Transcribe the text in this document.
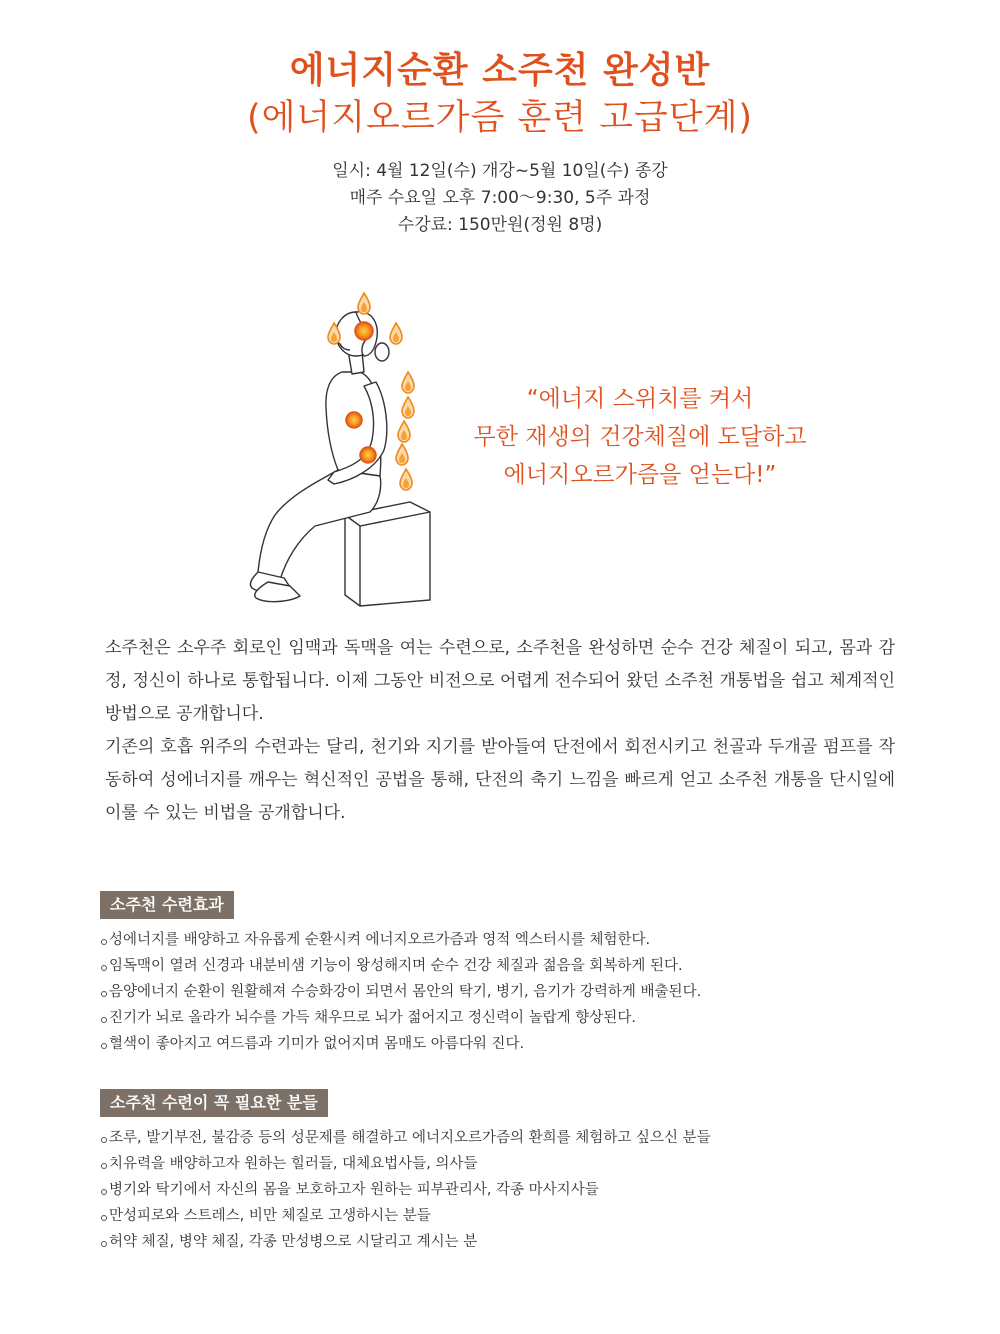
에너지순환 소주천 완성반
(에너지오르가즘 훈련 고급단계)
일시: 4월 12일(수) 개강~5월 10일(수) 종강
매주 수요일 오후 7:00～9:30, 5주 과정
수강료: 150만원(정원 8명)
“에너지 스위치를 켜서
무한 재생의 건강체질에 도달하고
에너지오르가즘을 얻는다!”

소주천은 소우주 회로인 임맥과 독맥을 여는 수련으로, 소주천을 완성하면 순수 건강 체질이 되고, 몸과 감정, 정신이 하나로 통합됩니다. 이제 그동안 비전으로 어렵게 전수되어 왔던 소주천 개통법을 쉽고 체계적인 방법으로 공개합니다.

기존의 호흡 위주의 수련과는 달리, 천기와 지기를 받아들여 단전에서 회전시키고 천골과 두개골 펌프를 작동하여 성에너지를 깨우는 혁신적인 공법을 통해, 단전의 축기 느낌을 빠르게 얻고 소주천 개통을 단시일에 이룰 수 있는 비법을 공개합니다.

소주천 수련효과
성에너지를 배양하고 자유롭게 순환시켜 에너지오르가즘과 영적 엑스터시를 체험한다.
임독맥이 열려 신경과 내분비샘 기능이 왕성해지며 순수 건강 체질과 젊음을 회복하게 된다.
음양에너지 순환이 원활해져 수승화강이 되면서 몸안의 탁기, 병기, 음기가 강력하게 배출된다.
진기가 뇌로 올라가 뇌수를 가득 채우므로 뇌가 젊어지고 정신력이 놀랍게 향상된다.
혈색이 좋아지고 여드름과 기미가 없어지며 몸매도 아름다워 진다.
소주천 수련이 꼭 필요한 분들
조루, 발기부전, 불감증 등의 성문제를 해결하고 에너지오르가즘의 환희를 체험하고 싶으신 분들
치유력을 배양하고자 원하는 힐러들, 대체요법사들, 의사들
병기와 탁기에서 자신의 몸을 보호하고자 원하는 피부관리사, 각종 마사지사들
만성피로와 스트레스, 비만 체질로 고생하시는 분들
허약 체질, 병약 체질, 각종 만성병으로 시달리고 계시는 분
